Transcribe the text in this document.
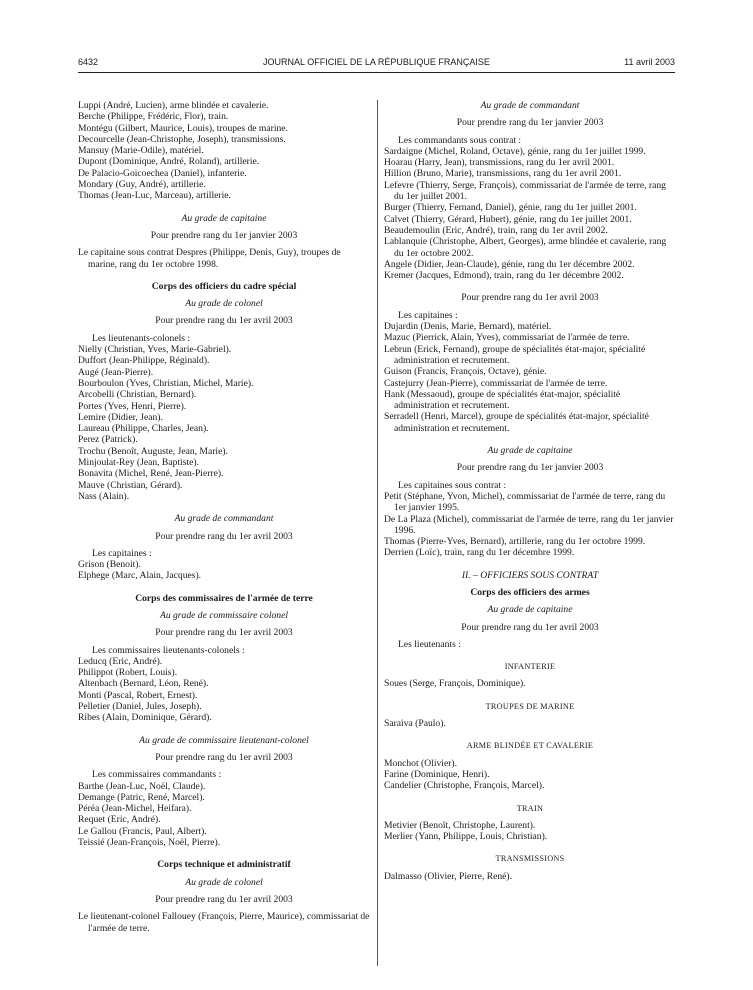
6432	JOURNAL OFFICIEL DE LA RÉPUBLIQUE FRANÇAISE	11 avril 2003
Luppi (André, Lucien), arme blindée et cavalerie.
Berche (Philippe, Frédéric, Flor), train.
Montégu (Gilbert, Maurice, Louis), troupes de marine.
Decourcelle (Jean-Christophe, Joseph), transmissions.
Mansuy (Marie-Odile), matériel.
Dupont (Dominique, André, Roland), artillerie.
De Palacio-Goicoechea (Daniel), infanterie.
Mondary (Guy, André), artillerie.
Thomas (Jean-Luc, Marceau), artillerie.
Au grade de capitaine
Pour prendre rang du 1er janvier 2003
Le capitaine sous contrat Despres (Philippe, Denis, Guy), troupes de marine, rang du 1er octobre 1998.
Corps des officiers du cadre spécial
Au grade de colonel
Pour prendre rang du 1er avril 2003
Les lieutenants-colonels :
Nielly (Christian, Yves, Marie-Gabriel).
Duffort (Jean-Philippe, Réginald).
Augé (Jean-Pierre).
Bourboulon (Yves, Christian, Michel, Marie).
Arcobelli (Christian, Bernard).
Portes (Yves, Henri, Pierre).
Lemire (Didier, Jean).
Laureau (Philippe, Charles, Jean).
Perez (Patrick).
Trochu (Benoît, Auguste, Jean, Marie).
Minjoulat-Rey (Jean, Baptiste).
Bonavita (Michel, René, Jean-Pierre).
Mauve (Christian, Gérard).
Nass (Alain).
Au grade de commandant
Pour prendre rang du 1er avril 2003
Les capitaines :
Grison (Benoit).
Elphege (Marc, Alain, Jacques).
Corps des commissaires de l'armée de terre
Au grade de commissaire colonel
Pour prendre rang du 1er avril 2003
Les commissaires lieutenants-colonels :
Leducq (Eric, André).
Philippot (Robert, Louis).
Altenbach (Bernard, Léon, René).
Monti (Pascal, Robert, Ernest).
Pelletier (Daniel, Jules, Joseph).
Ribes (Alain, Dominique, Gérard).
Au grade de commissaire lieutenant-colonel
Pour prendre rang du 1er avril 2003
Les commissaires commandants :
Barthe (Jean-Luc, Noël, Claude).
Demange (Patric, René, Marcel).
Péréa (Jean-Michel, Heifara).
Requet (Eric, André).
Le Gallou (Francis, Paul, Albert).
Teissié (Jean-François, Noël, Pierre).
Corps technique et administratif
Au grade de colonel
Pour prendre rang du 1er avril 2003
Le lieutenant-colonel Fallouey (François, Pierre, Maurice), commissariat de l'armée de terre.
Au grade de commandant
Pour prendre rang du 1er janvier 2003
Les commandants sous contrat :
Sardaigne (Michel, Roland, Octave), génie, rang du 1er juillet 1999.
Hoarau (Harry, Jean), transmissions, rang du 1er avril 2001.
Hillion (Bruno, Marie), transmissions, rang du 1er avril 2001.
Lefevre (Thierry, Serge, François), commissariat de l'armée de terre, rang du 1er juillet 2001.
Burger (Thierry, Fernand, Daniel), génie, rang du 1er juillet 2001.
Calvet (Thierry, Gérard, Hubert), génie, rang du 1er juillet 2001.
Beaudemoulin (Eric, André), train, rang du 1er avril 2002.
Lablanquie (Christophe, Albert, Georges), arme blindée et cavalerie, rang du 1er octobre 2002.
Angele (Didier, Jean-Claude), génie, rang du 1er décembre 2002.
Kremer (Jacques, Edmond), train, rang du 1er décembre 2002.
Pour prendre rang du 1er avril 2003
Les capitaines :
Dujardin (Denis, Marie, Bernard), matériel.
Mazuc (Pierrick, Alain, Yves), commissariat de l'armée de terre.
Lebrun (Erick, Fernand), groupe de spécialités état-major, spécialité administration et recrutement.
Guison (Francis, François, Octave), génie.
Castejurry (Jean-Pierre), commissariat de l'armée de terre.
Hank (Messaoud), groupe de spécialités état-major, spécialité administration et recrutement.
Serradell (Henri, Marcel), groupe de spécialités état-major, spécialité administration et recrutement.
Au grade de capitaine
Pour prendre rang du 1er janvier 2003
Les capitaines sous contrat :
Petit (Stéphane, Yvon, Michel), commissariat de l'armée de terre, rang du 1er janvier 1995.
De La Plaza (Michel), commissariat de l'armée de terre, rang du 1er janvier 1996.
Thomas (Pierre-Yves, Bernard), artillerie, rang du 1er octobre 1999.
Derrien (Loïc), train, rang du 1er décembre 1999.
II. – OFFICIERS SOUS CONTRAT
Corps des officiers des armes
Au grade de capitaine
Pour prendre rang du 1er avril 2003
Les lieutenants :
INFANTERIE
Soues (Serge, François, Dominique).
TROUPES DE MARINE
Saraiva (Paulo).
ARME BLINDÉE ET CAVALERIE
Monchot (Olivier).
Farine (Dominique, Henri).
Candelier (Christophe, François, Marcel).
TRAIN
Metivier (Benoît, Christophe, Laurent).
Merlier (Yann, Philippe, Louis, Christian).
TRANSMISSIONS
Dalmasso (Olivier, Pierre, René).
